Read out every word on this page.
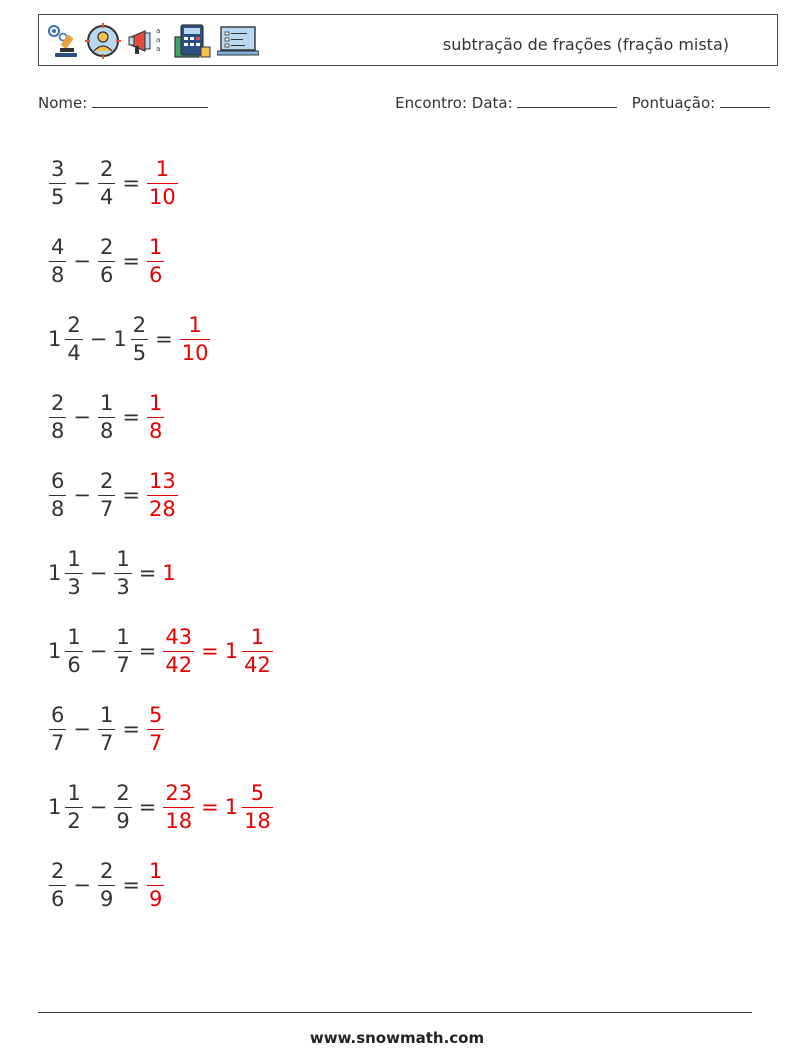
a
a
a	subtração de frações (fração mista)
Nome:	Encontro: Data:	Pontuação:
$\frac{3}{5} - \frac{2}{4} = \frac{1}{10}$
$\frac{4}{8} - \frac{2}{6} = \frac{1}{6}$
$1 \frac{2}{4} - 1 \frac{2}{5} = \frac{1}{10}$
$\frac{2}{8} - \frac{1}{8} = \frac{1}{8}$
$\frac{6}{8} - \frac{2}{7} = \frac{13}{28}$
$1 \frac{1}{3} - \frac{1}{3} = 1$
$1 \frac{1}{6} - \frac{1}{7} = \frac{43}{42} = 1 \frac{1}{42}$
$\frac{6}{7} - \frac{1}{7} = \frac{5}{7}$
$1 \frac{1}{2} - \frac{2}{9} = \frac{23}{18} = 1 \frac{5}{18}$
$\frac{2}{6} - \frac{2}{9} = \frac{1}{9}$
www.snowmath.com
